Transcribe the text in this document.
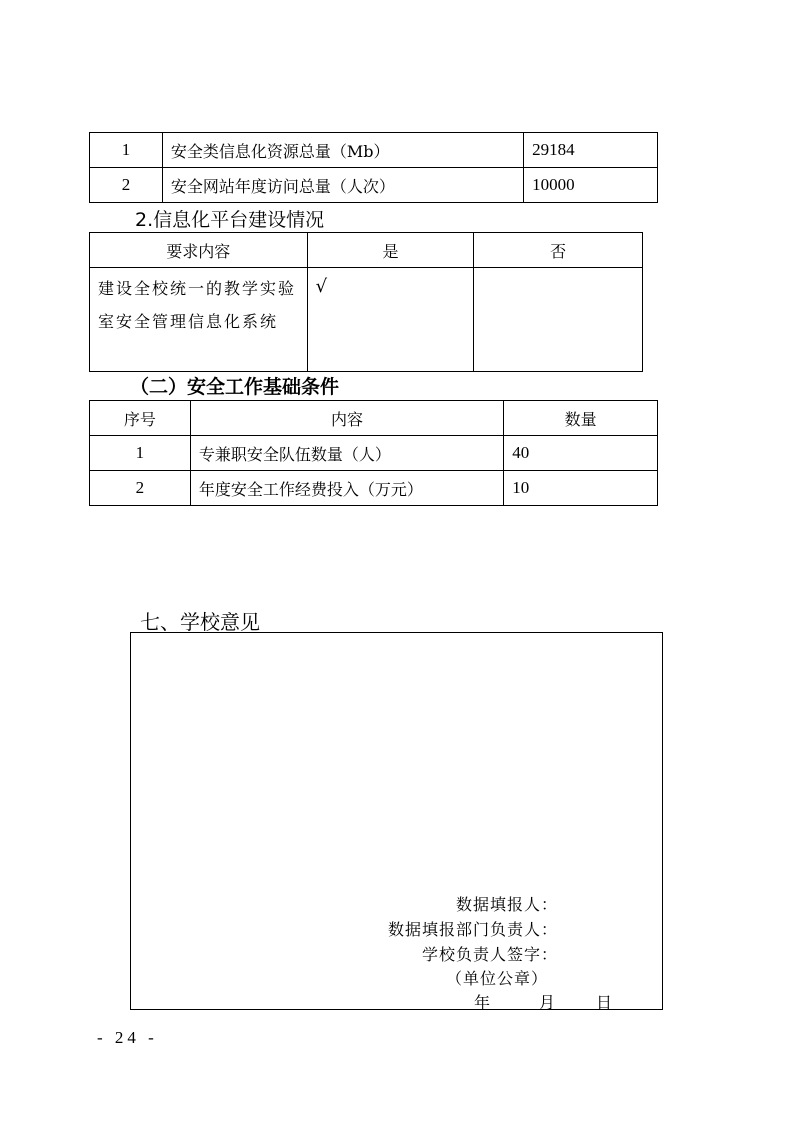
1	安全类信息化资源总量（Mb）	29184
2	安全网站年度访问总量（人次）	10000
2.信息化平台建设情况
要求内容	是	否
建设全校统一的教学实验室安全管理信息化系统	√	
（二）安全工作基础条件
序号	内容	数量
1	专兼职安全队伍数量（人）	40
2	年度安全工作经费投入（万元）	10
七、学校意见
数据填报人：
数据填报部门负责人：
学校负责人签字：
（单位公章）
年	月	日
- 24 -
